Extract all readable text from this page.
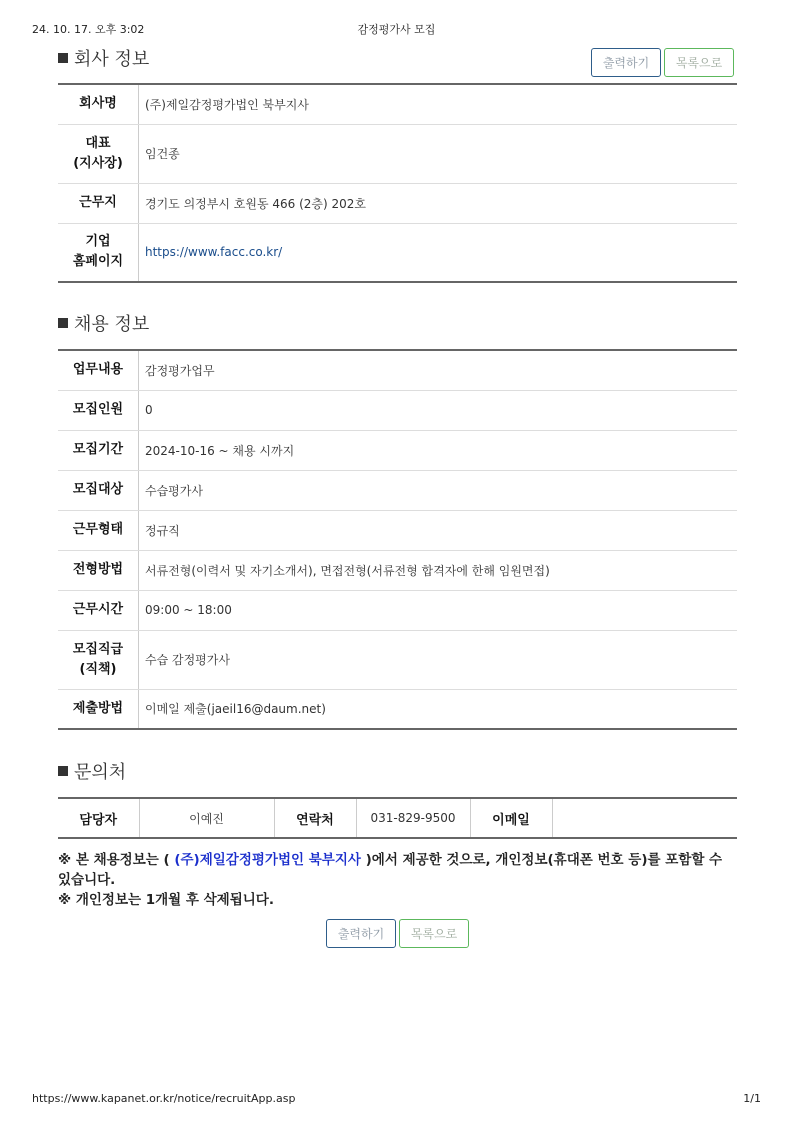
24. 10. 17. 오후 3:02	감정평가사 모집
회사 정보	출력하기	목록으로
회사명	(주)제일감정평가법인 북부지사
대표
(지사장)	임건종
근무지	경기도 의정부시 호원동 466 (2층) 202호
기업
홈페이지	https://www.facc.co.kr/
채용 정보
업무내용	감정평가업무
모집인원	0
모집기간	2024-10-16 ~ 채용 시까지
모집대상	수습평가사
근무형태	정규직
전형방법	서류전형(이력서 및 자기소개서), 면접전형(서류전형 합격자에 한해 임원면접)
근무시간	09:00 ~ 18:00
모집직급
(직책)	수습 감정평가사
제출방법	이메일 제출(jaeil16@daum.net)
문의처
담당자	이예진	연락처	031-829-9500	이메일	
※ 본 채용정보는 ( (주)제일감정평가법인 북부지사 )에서 제공한 것으로, 개인정보(휴대폰 번호 등)를 포함할 수 있습니다.
※ 개인정보는 1개월 후 삭제됩니다.
출력하기	목록으로
https://www.kapanet.or.kr/notice/recruitApp.asp	1/1
